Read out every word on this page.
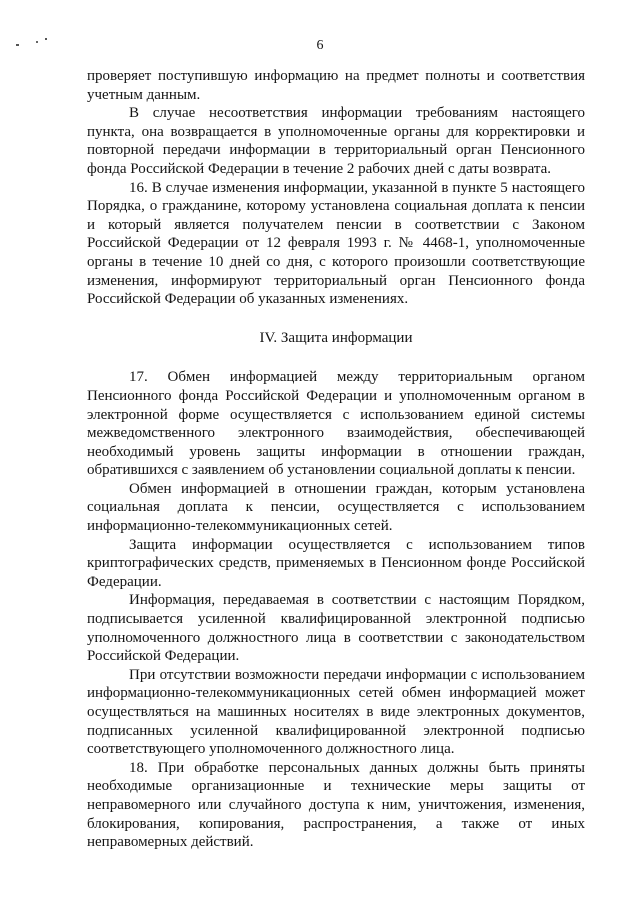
6

проверяет поступившую информацию на предмет полноты и соответствия учетным данным.

В случае несоответствия информации требованиям настоящего пункта, она возвращается в уполномоченные органы для корректировки и повторной передачи информации в территориальный орган Пенсионного фонда Российской Федерации в течение 2 рабочих дней с даты возврата.

16. В случае изменения информации, указанной в пункте 5 настоящего Порядка, о гражданине, которому установлена социальная доплата к пенсии и который является получателем пенсии в соответствии с Законом Российской Федерации от 12 февраля 1993 г. № 4468-1, уполномоченные органы в течение 10 дней со дня, с которого произошли соответствующие изменения, информируют территориальный орган Пенсионного фонда Российской Федерации об указанных изменениях.

IV. Защита информации

17. Обмен информацией между территориальным органом Пенсионного фонда Российской Федерации и уполномоченным органом в электронной форме осуществляется с использованием единой системы межведомственного электронного взаимодействия, обеспечивающей необходимый уровень защиты информации в отношении граждан, обратившихся с заявлением об установлении социальной доплаты к пенсии.

Обмен информацией в отношении граждан, которым установлена социальная доплата к пенсии, осуществляется с использованием информационно-телекоммуникационных сетей.

Защита информации осуществляется с использованием типов криптографических средств, применяемых в Пенсионном фонде Российской Федерации.

Информация, передаваемая в соответствии с настоящим Порядком, подписывается усиленной квалифицированной электронной подписью уполномоченного должностного лица в соответствии с законодательством Российской Федерации.

При отсутствии возможности передачи информации с использованием информационно-телекоммуникационных сетей обмен информацией может осуществляться на машинных носителях в виде электронных документов, подписанных усиленной квалифицированной электронной подписью соответствующего уполномоченного должностного лица.

18. При обработке персональных данных должны быть приняты необходимые организационные и технические меры защиты от неправомерного или случайного доступа к ним, уничтожения, изменения, блокирования, копирования, распространения, а также от иных неправомерных действий.
